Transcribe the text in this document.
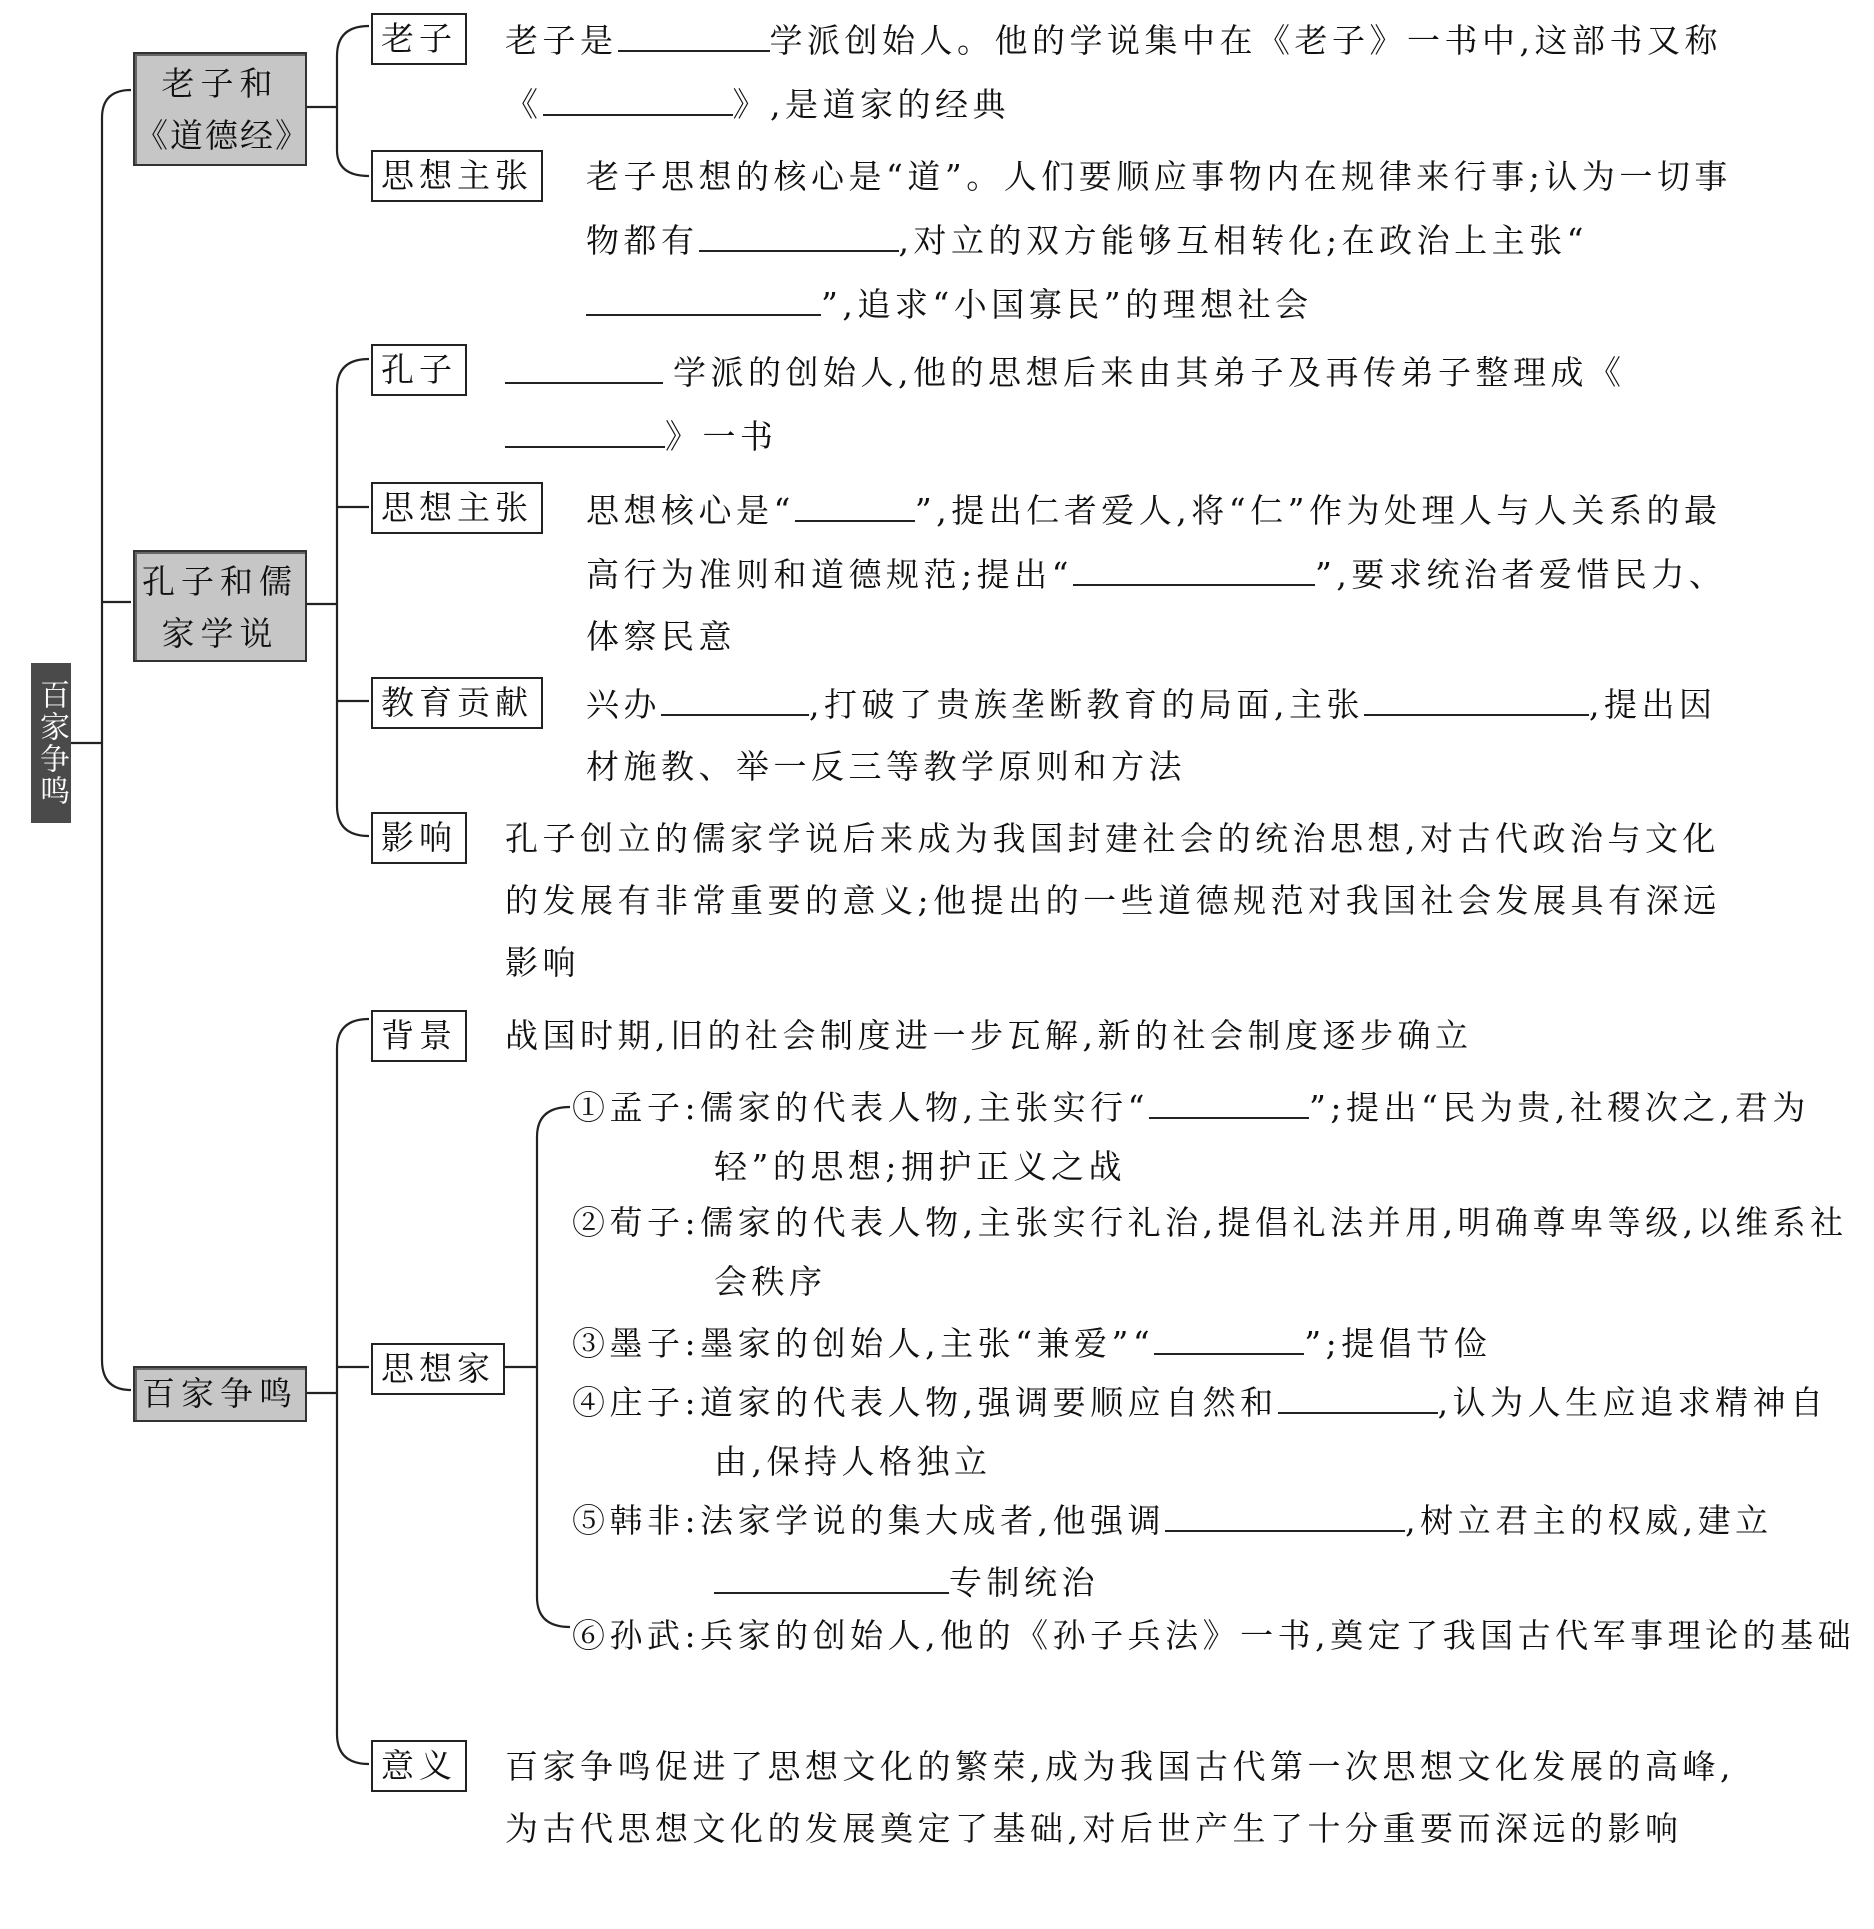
百家争鸣
老子和
《道德经》
老子	老子是	学派创始人。他的学说集中在《老子》一书中,这部书又称《	》,是道家的经典
思想主张	老子思想的核心是“道”。人们要顺应事物内在规律来行事;认为一切事物都有	,对立的双方能够互相转化;在政治上主张“”,追求“小国寡民”的理想社会
孔子和儒
家学说
孔子	学派的创始人,他的思想后来由其弟子及再传弟子整理成《》一书
思想主张	思想核心是“	”,提出仁者爱人,将“仁”作为处理人与人关系的最高行为准则和道德规范;提出“	”,要求统治者爱惜民力、体察民意
教育贡献	兴办	,打破了贵族垄断教育的局面,主张	,提出因材施教、举一反三等教学原则和方法
影响	孔子创立的儒家学说后来成为我国封建社会的统治思想,对古代政治与文化的发展有非常重要的意义;他提出的一些道德规范对我国社会发展具有深远影响
百家争鸣
背景	战国时期,旧的社会制度进一步瓦解,新的社会制度逐步确立
思想家
①孟子:儒家的代表人物,主张实行“	”;提出“民为贵,社稷次之,君为轻”的思想;拥护正义之战
②荀子:儒家的代表人物,主张实行礼治,提倡礼法并用,明确尊卑等级,以维系社会秩序
③墨子:墨家的创始人,主张“兼爱”“	”;提倡节俭
④庄子:道家的代表人物,强调要顺应自然和	,认为人生应追求精神自由,保持人格独立
⑤韩非:法家学说的集大成者,他强调	,树立君主的权威,建立专制统治
⑥孙武:兵家的创始人,他的《孙子兵法》一书,奠定了我国古代军事理论的基础
意义	百家争鸣促进了思想文化的繁荣,成为我国古代第一次思想文化发展的高峰,为古代思想文化的发展奠定了基础,对后世产生了十分重要而深远的影响
